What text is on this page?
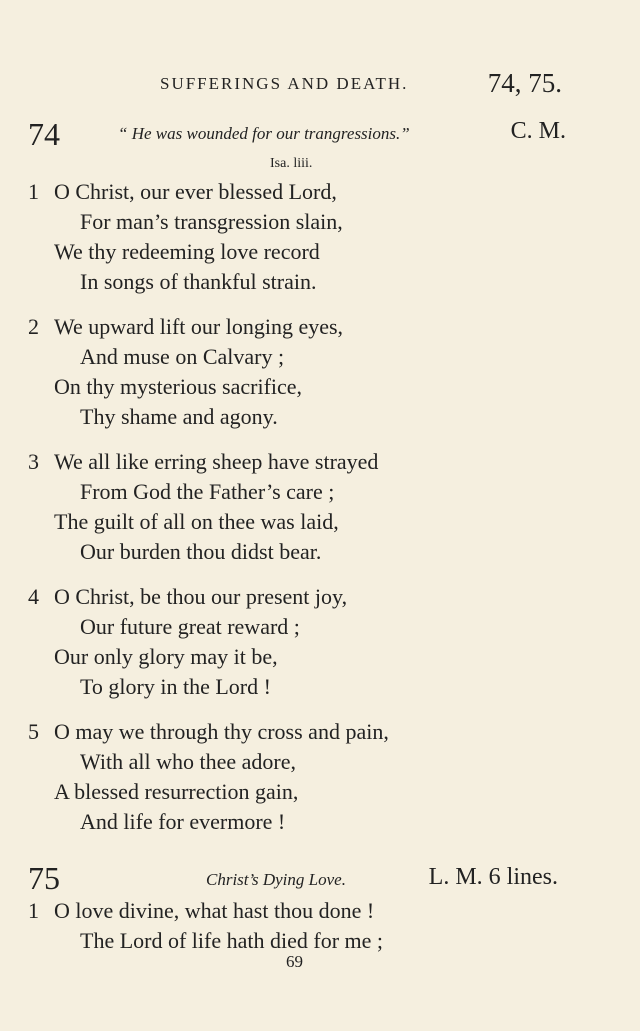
SUFFERINGS AND DEATH.	74, 75.
74	“ He was wounded for our trangressions.”	C. M.
Isa. liii.
1 O Christ, our ever blessed Lord,
For man’s transgression slain,
We thy redeeming love record
In songs of thankful strain.
2 We upward lift our longing eyes,
And muse on Calvary ;
On thy mysterious sacrifice,
Thy shame and agony.
3 We all like erring sheep have strayed
From God the Father’s care ;
The guilt of all on thee was laid,
Our burden thou didst bear.
4 O Christ, be thou our present joy,
Our future great reward ;
Our only glory may it be,
To glory in the Lord !
5 O may we through thy cross and pain,
With all who thee adore,
A blessed resurrection gain,
And life for evermore !
75	Christ’s Dying Love.	L. M. 6 lines.
1 O love divine, what hast thou done !
The Lord of life hath died for me ;
69
